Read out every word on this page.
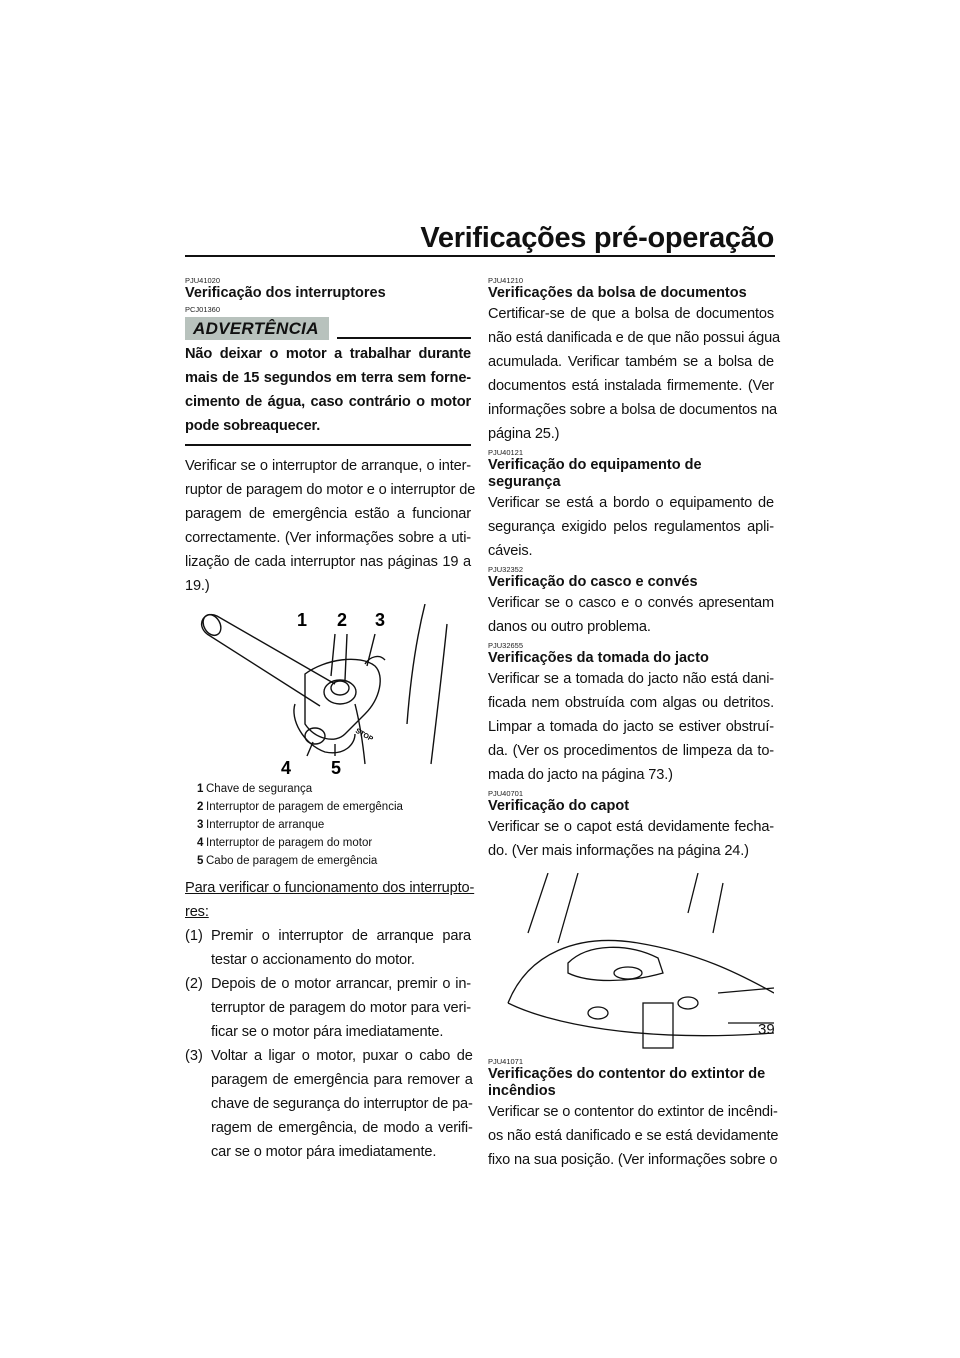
Verificações pré-operação
PJU41020
Verificação dos interruptores
PCJ01360
ADVERTÊNCIA
Não deixar o motor a trabalhar durante
mais de 15 segundos em terra sem forne-
cimento de água, caso contrário o motor
pode sobreaquecer.
Verificar se o interruptor de arranque, o inter-
ruptor de paragem do motor e o interruptor de
paragem de emergência estão a funcionar
correctamente. (Ver informações sobre a uti-
lização de cada interruptor nas páginas 19 a
19.)
STOP
1 2 3
4 5
1 Chave de segurança
2 Interruptor de paragem de emergência
3 Interruptor de arranque
4 Interruptor de paragem do motor
5 Cabo de paragem de emergência
Para verificar o funcionamento dos interrupto-
res:
(1) Premir o interruptor de arranque para
testar o accionamento do motor.
(2) Depois de o motor arrancar, premir o in-
terruptor de paragem do motor para veri-
ficar se o motor pára imediatamente.
(3) Voltar a ligar o motor, puxar o cabo de
paragem de emergência para remover a
chave de segurança do interruptor de pa-
ragem de emergência, de modo a verifi-
car se o motor pára imediatamente.
PJU41210
Verificações da bolsa de documentos
Certificar-se de que a bolsa de documentos
não está danificada e de que não possui água
acumulada. Verificar também se a bolsa de
documentos está instalada firmemente. (Ver
informações sobre a bolsa de documentos na
página 25.)
PJU40121
Verificação do equipamento de segurança
Verificar se está a bordo o equipamento de
segurança exigido pelos regulamentos apli-
cáveis.
PJU32352
Verificação do casco e convés
Verificar se o casco e o convés apresentam
danos ou outro problema.
PJU32655
Verificações da tomada do jacto
Verificar se a tomada do jacto não está dani-
ficada nem obstruída com algas ou detritos.
Limpar a tomada do jacto se estiver obstruí-
da. (Ver os procedimentos de limpeza da to-
mada do jacto na página 73.)
PJU40701
Verificação do capot
Verificar se o capot está devidamente fecha-
do. (Ver mais informações na página 24.)
PJU41071
Verificações do contentor do extintor de
incêndios
Verificar se o contentor do extintor de incêndi-
os não está danificado e se está devidamente
fixo na sua posição. (Ver informações sobre o
39
